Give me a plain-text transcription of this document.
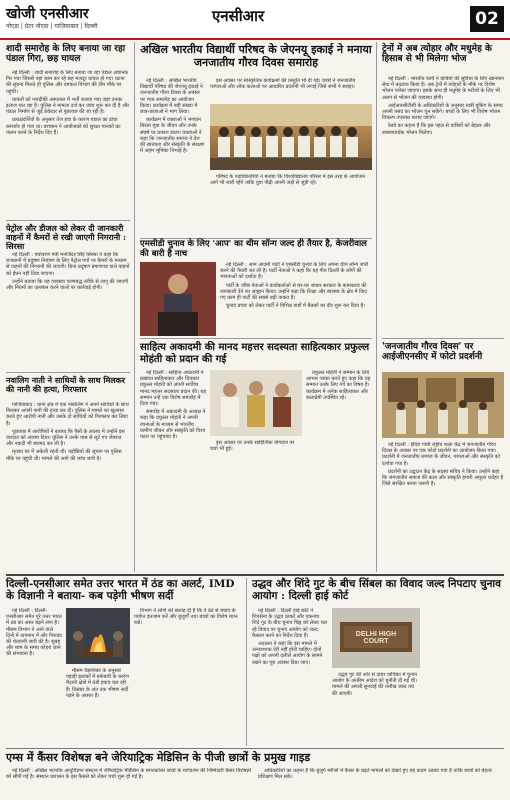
खोजी एनसीआर
नोएडा | ग्रेटर नोएडा | गाज़ियाबाद | दिल्ली
एनसीआर	02
शादी समारोह के लिए बनाया जा रहा पंडाल गिरा, छह घायल

नई दिल्ली : शादी समारोह के लिए बनाया जा रहा पंडाल अचानक गिर गया जिससे वहां काम कर रहे छह मजदूर घायल हो गए। घटना की सूचना मिलते ही पुलिस और दमकल विभाग की टीम मौके पर पहुंची।

घायलों को नजदीकी अस्पताल में भर्ती कराया गया जहां उनका इलाज चल रहा है। पुलिस ने मामला दर्ज कर जांच शुरू कर दी है और पंडाल निर्माण से जुड़े ठेकेदार से पूछताछ की जा रही है।

प्रत्यक्षदर्शियों के अनुसार तेज हवा के कारण पंडाल का ढांचा कमजोर हो गया था। प्रशासन ने आयोजकों को सुरक्षा मानकों का पालन करने के निर्देश दिए हैं।

पेट्रोल और डीजल को लेकर दी जानकारी वाहनों में कैमरों से रखी जाएगी निगरानी : सिरसा

नई दिल्ली : पर्यावरण मंत्री मनजिंदर सिंह सिरसा ने कहा कि राजधानी में प्रदूषण नियंत्रण के लिए पेट्रोल पंपों पर कैमरों के माध्यम से वाहनों की निगरानी की जाएगी। बिना प्रदूषण प्रमाणपत्र वाले वाहनों को ईंधन नहीं दिया जाएगा।

उन्होंने बताया कि यह व्यवस्था चरणबद्ध तरीके से लागू की जाएगी और नियमों का उल्लंघन करने वालों पर कार्रवाई होगी।

नवालिग नाती ने साथियों के साथ मिलकर की नानी की हत्या, गिरफ्तार

गाजियाबाद : थाना क्षेत्र में एक नाबालिग ने अपने साथियों के साथ मिलकर अपनी नानी की हत्या कर दी। पुलिस ने मामले का खुलासा करते हुए आरोपी नाती और उसके दो साथियों को गिरफ्तार कर लिया है।

पूछताछ में आरोपियों ने बताया कि पैसों के लालच में उन्होंने इस वारदात को अंजाम दिया। पुलिस ने उनके पास से लूटे गए जेवरात और नकदी भी बरामद कर ली है।

मृतका घर में अकेली रहती थी। पड़ोसियों की सूचना पर पुलिस मौके पर पहुंची थी। मामले की आगे की जांच जारी है।

अखिल भारतीय विद्यार्थी परिषद के जेएनयू इकाई ने मनाया जनजातीय गौरव दिवस समारोह

नई दिल्ली : अखिल भारतीय विद्यार्थी परिषद की जेएनयू इकाई ने जनजातीय गौरव दिवस के अवसर पर भव्य समारोह का आयोजन किया। कार्यक्रम में बड़ी संख्या में छात्र-छात्राओं ने भाग लिया।

कार्यक्रम में वक्ताओं ने भगवान बिरसा मुंडा के जीवन और उनके संघर्ष पर प्रकाश डाला। वक्ताओं ने कहा कि जनजातीय समाज ने देश की स्वतंत्रता और संस्कृति के संरक्षण में अहम भूमिका निभाई है।

इस अवसर पर सांस्कृतिक कार्यक्रमों की प्रस्तुति भी दी गई। छात्रों ने जनजातीय परंपराओं और लोक कलाओं पर आधारित प्रदर्शनी भी लगाई जिसे सभी ने सराहा।

परिषद के पदाधिकारियों ने बताया कि विश्वविद्यालय परिसर में इस तरह के आयोजन आगे भी जारी रहेंगे ताकि युवा पीढ़ी अपनी जड़ों से जुड़ी रहे।

एमसीडी चुनाव के लिए 'आप' का थीम सॉन्ग जल्द ही तैयार है, केजरीवाल की बारी है नाच

नई दिल्ली : आम आदमी पार्टी ने एमसीडी चुनाव के लिए अपना थीम सॉन्ग जारी करने की तैयारी कर ली है। पार्टी नेताओं ने कहा कि यह गीत दिल्ली के लोगों की भावनाओं को दर्शाता है।

पार्टी के वरिष्ठ नेताओं ने कार्यकर्ताओं से घर-घर जाकर सरकार के कामकाज की जानकारी देने का आह्वान किया। उन्होंने कहा कि शिक्षा और स्वास्थ्य के क्षेत्र में किए गए काम ही पार्टी की सबसे बड़ी ताकत हैं।

चुनाव प्रचार को लेकर पार्टी ने विभिन्न वार्डों में बैठकों का दौर शुरू कर दिया है।

साहित्य अकादमी की मानद महत्तर सदस्यता साहित्यकार प्रफुल्ल मोहंती को प्रदान की गई

नई दिल्ली : साहित्य अकादमी ने प्रख्यात साहित्यकार और चित्रकार प्रफुल्ल मोहंती को अपनी सर्वोच्च मानद महत्तर सदस्यता प्रदान की। यह सम्मान उन्हें एक विशेष समारोह में दिया गया।

समारोह में अकादमी के अध्यक्ष ने कहा कि प्रफुल्ल मोहंती ने अपनी रचनाओं के माध्यम से भारतीय ग्रामीण जीवन और संस्कृति को विश्व पटल पर पहुंचाया है।

प्रफुल्ल मोहंती ने सम्मान के लिए आभार व्यक्त करते हुए कहा कि यह सम्मान उनके लिए गर्व का विषय है। कार्यक्रम में अनेक साहित्यकार और कलाप्रेमी उपस्थित रहे।

इस अवसर पर उनके साहित्यिक योगदान पर चर्चा भी हुई।

ट्रेनों में अब त्योहार और मधुमेह के हिसाब से भी मिलेगा भोज

नई दिल्ली : भारतीय रेलवे ने यात्रियों की सुविधा के लिए खानपान सेवा में बदलाव किया है। अब ट्रेनों में त्योहारों के मौके पर विशेष भोजन परोसा जाएगा। इसके साथ ही मधुमेह के मरीजों के लिए भी अलग से भोजन की व्यवस्था होगी।

आईआरसीटीसी के अधिकारियों के अनुसार यात्री बुकिंग के समय अपनी पसंद का भोजन चुन सकेंगे। बच्चों के लिए भी विशेष भोजन विकल्प उपलब्ध कराए जाएंगे।

रेलवे का कहना है कि इस पहल से यात्रियों को बेहतर और स्वास्थ्यवर्धक भोजन मिलेगा।

'जनजातीय गौरव दिवस' पर आईजीएनसीए में फोटो प्रदर्शनी

नई दिल्ली : इंदिरा गांधी राष्ट्रीय कला केंद्र में जनजातीय गौरव दिवस के अवसर पर एक फोटो प्रदर्शनी का आयोजन किया गया। प्रदर्शनी में जनजातीय समाज के जीवन, परंपराओं और संस्कृति को दर्शाया गया है।

प्रदर्शनी का उद्घाटन केंद्र के सदस्य सचिव ने किया। उन्होंने कहा कि जनजातीय समाज की कला और संस्कृति हमारी अमूल्य धरोहर है जिसे संरक्षित करना जरूरी है।

दिल्ली-एनसीआर समेत उत्तर भारत में ठंड का अलर्ट, IMD के विज्ञानी ने बताया- कब पड़ेगी भीषण सर्दी

नई दिल्ली : दिल्ली-एनसीआर समेत पूरे उत्तर भारत में ठंड का असर बढ़ने लगा है। मौसम विभाग ने आने वाले दिनों में तापमान में और गिरावट की चेतावनी जारी की है। सुबह और शाम के समय कोहरा छाने की संभावना है।

मौसम वैज्ञानिकों के अनुसार पहाड़ी इलाकों में बर्फबारी के कारण मैदानी क्षेत्रों में ठंडी हवाएं चल रही हैं। दिसंबर के अंत तक भीषण सर्दी पड़ने के आसार हैं।

विभाग ने लोगों को सलाह दी है कि वे ठंड से बचाव के पर्याप्त इंतजाम करें और बुजुर्गों तथा बच्चों का विशेष ध्यान रखें।

उद्धव और शिंदे गुट के बीच सिंबल का विवाद जल्द निपटाए चुनाव आयोग : दिल्ली हाई कोर्ट

नई दिल्ली : दिल्ली हाई कोर्ट ने शिवसेना के उद्धव ठाकरे और एकनाथ शिंदे गुट के बीच चुनाव चिह्न को लेकर चल रहे विवाद पर चुनाव आयोग को जल्द फैसला करने का निर्देश दिया है।

अदालत ने कहा कि इस मामले में अनावश्यक देरी नहीं होनी चाहिए। दोनों पक्षों को अपनी दलीलें आयोग के सामने रखने का पूरा अवसर दिया जाए।

DELHI HIGH COURT

उद्धव गुट की ओर से दायर याचिका में चुनाव आयोग के अंतरिम आदेश को चुनौती दी गई थी। मामले की अगली सुनवाई की तारीख जल्द तय की जाएगी।

एम्स में कैंसर विशेषज्ञ बने जेरियाट्रिक मेडिसिन के पीजी छात्रों के प्रमुख गाइड

नई दिल्ली : अखिल भारतीय आयुर्विज्ञान संस्थान में जेरियाट्रिक मेडिसिन के स्नातकोत्तर छात्रों के मार्गदर्शन की जिम्मेदारी कैंसर विशेषज्ञों को सौंपी गई है। संस्थान प्रशासन के इस फैसले को लेकर चर्चा शुरू हो गई है।

अधिकारियों का कहना है कि बुजुर्ग मरीजों में कैंसर के बढ़ते मामलों को देखते हुए यह कदम उठाया गया है ताकि छात्रों को बेहतर प्रशिक्षण मिल सके।
